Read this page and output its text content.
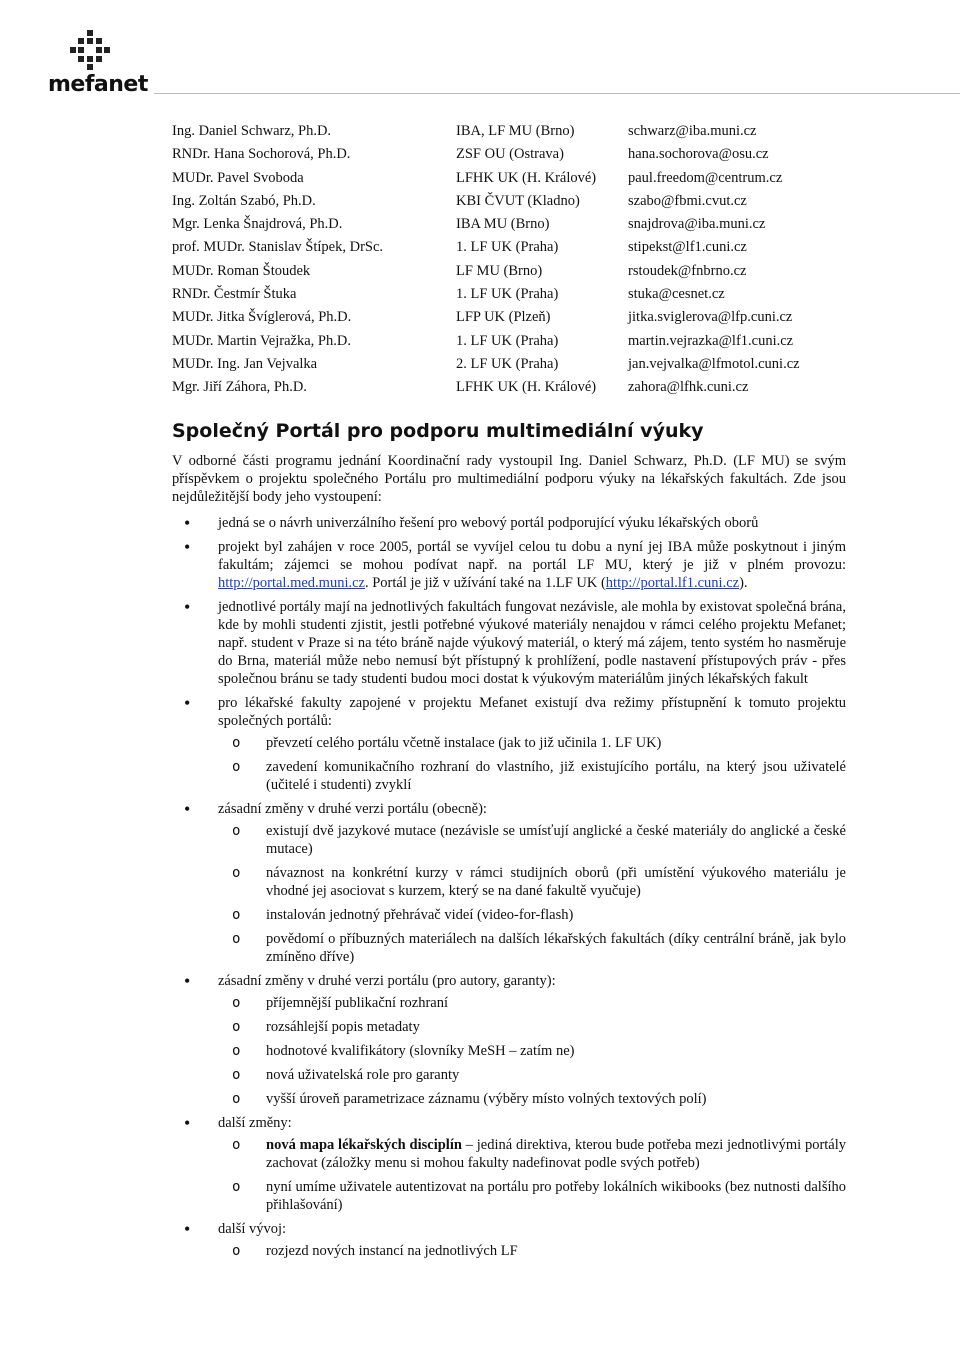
mefanet
Ing. Daniel Schwarz, Ph.D.	IBA, LF MU (Brno)	schwarz@iba.muni.cz
RNDr. Hana Sochorová, Ph.D.	ZSF OU (Ostrava)	hana.sochorova@osu.cz
MUDr. Pavel Svoboda	LFHK UK (H. Králové) paul.freedom@centrum.cz
Ing. Zoltán Szabó, Ph.D.	KBI ČVUT (Kladno)	szabo@fbmi.cvut.cz
Mgr. Lenka Šnajdrová, Ph.D.	IBA MU (Brno)	snajdrova@iba.muni.cz
prof. MUDr. Stanislav Štípek, DrSc.	1. LF UK (Praha)	stipekst@lf1.cuni.cz
MUDr. Roman Štoudek	LF MU (Brno)	rstoudek@fnbrno.cz
RNDr. Čestmír Štuka	1. LF UK (Praha)	stuka@cesnet.cz
MUDr. Jitka Švíglerová, Ph.D.	LFP UK (Plzeň)	jitka.sviglerova@lfp.cuni.cz
MUDr. Martin Vejražka, Ph.D.	1. LF UK (Praha)	martin.vejrazka@lf1.cuni.cz
MUDr. Ing. Jan Vejvalka	2. LF UK (Praha)	jan.vejvalka@lfmotol.cuni.cz
Mgr. Jiří Záhora, Ph.D.	LFHK UK (H. Králové) zahora@lfhk.cuni.cz
Společný Portál pro podporu multimediální výuky

V odborné části programu jednání Koordinační rady vystoupil Ing. Daniel Schwarz, Ph.D. (LF MU) se svým příspěvkem o projektu společného Portálu pro multimediální podporu výuky na lékařských fakultách. Zde jsou nejdůležitější body jeho vystoupení:

• jedná se o návrh univerzálního řešení pro webový portál podporující výuku lékařských oborů
• projekt byl zahájen v roce 2005, portál se vyvíjel celou tu dobu a nyní jej IBA může poskytnout i jiným fakultám; zájemci se mohou podívat např. na portál LF MU, který je již v plném provozu: http://portal.med.muni.cz. Portál je již v užívání také na 1.LF UK (http://portal.lf1.cuni.cz).
• jednotlivé portály mají na jednotlivých fakultách fungovat nezávisle, ale mohla by existovat společná brána, kde by mohli studenti zjistit, jestli potřebné výukové materiály nenajdou v rámci celého projektu Mefanet; např. student v Praze si na této bráně najde výukový materiál, o který má zájem, tento systém ho nasměruje do Brna, materiál může nebo nemusí být přístupný k prohlížení, podle nastavení přístupových práv - přes společnou bránu se tady studenti budou moci dostat k výukovým materiálům jiných lékařských fakult
• pro lékařské fakulty zapojené v projektu Mefanet existují dva režimy přístupnění k tomuto projektu společných portálů:
o převzetí celého portálu včetně instalace (jak to již učinila 1. LF UK)
o zavedení komunikačního rozhraní do vlastního, již existujícího portálu, na který jsou uživatelé (učitelé i studenti) zvyklí
• zásadní změny v druhé verzi portálu (obecně):
o existují dvě jazykové mutace (nezávisle se umísťují anglické a české materiály do anglické a české mutace)
o návaznost na konkrétní kurzy v rámci studijních oborů (při umístění výukového materiálu je vhodné jej asociovat s kurzem, který se na dané fakultě vyučuje)
o instalován jednotný přehrávač videí (video-for-flash)
o povědomí o příbuzných materiálech na dalších lékařských fakultách (díky centrální bráně, jak bylo zmíněno dříve)
• zásadní změny v druhé verzi portálu (pro autory, garanty):
o příjemnější publikační rozhraní
o rozsáhlejší popis metadaty
o hodnotové kvalifikátory (slovníky MeSH – zatím ne)
o nová uživatelská role pro garanty
o vyšší úroveň parametrizace záznamu (výběry místo volných textových polí)
• další změny:
o nová mapa lékařských disciplín – jediná direktiva, kterou bude potřeba mezi jednotlivými portály zachovat (záložky menu si mohou fakulty nadefinovat podle svých potřeb)
o nyní umíme uživatele autentizovat na portálu pro potřeby lokálních wikibooks (bez nutnosti dalšího přihlašování)
• další vývoj:
o rozjezd nových instancí na jednotlivých LF
